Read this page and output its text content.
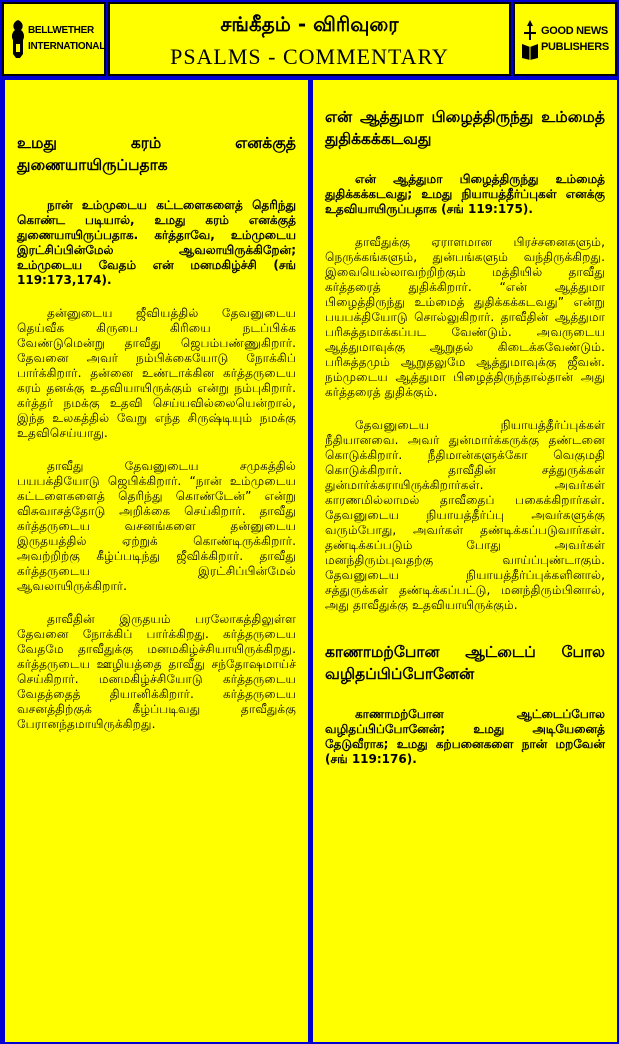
BELLWETHER
INTERNATIONAL
சங்கீதம் - விரிவுரை
PSALMS - COMMENTARY
GOOD NEWS
PUBLISHERS
உமது கரம் எனக்குத் துணையாயிருப்பதாக
நான் உம்முடைய கட்டளைகளைத் தெரிந்து கொண்ட படியால், உமது கரம் எனக்குத் துணையாயிருப்பதாக. கர்த்தாவே, உம்முடைய இரட்சிப்பின்மேல் ஆவலாயிருக்கிறேன்; உம்முடைய வேதம் என் மனமகிழ்ச்சி (சங் 119:173,174).
தன்னுடைய ஜீவியத்தில் தேவனுடைய தெய்வீக கிருபை கிரியை நடப்பிக்க வேண்டுமென்று தாவீது ஜெபம்பண்ணுகிறார். தேவனை அவர் நம்பிக்கையோடு நோக்கிப் பார்க்கிறார். தன்னை உண்டாக்கின கர்த்தருடைய கரம் தனக்கு உதவியாயிருக்கும் என்று நம்புகிறார். கர்த்தர் நமக்கு உதவி செய்யவில்லையென்றால், இந்த உலகத்தில் வேறு எந்த சிருஷ்டியும் நமக்கு உதவிசெய்யாது.
தாவீது தேவனுடைய சமுகத்தில் பயபக்தியோடு ஜெபிக்கிறார். “நான் உம்முடைய கட்டளைகளைத் தெரிந்து கொண்டேன்” என்று விசுவாசத்தோடு அறிக்கை செய்கிறார். தாவீது கர்த்தருடைய வசனங்களை தன்னுடைய இருதயத்தில் ஏற்றுக் கொண்டிருக்கிறார். அவற்றிற்கு கீழ்ப்படிந்து ஜீவிக்கிறார். தாவீது கர்த்தருடைய இரட்சிப்பின்மேல் ஆவலாயிருக்கிறார்.
தாவீதின் இருதயம் பரலோகத்திலுள்ள தேவனை நோக்கிப் பார்க்கிறது. கர்த்தருடைய வேதமே தாவீதுக்கு மனமகிழ்ச்சியாயிருக்கிறது. கர்த்தருடைய ஊழியத்தை தாவீது சந்தோஷமாய்ச் செய்கிறார். மனமகிழ்ச்சியோடு கர்த்தருடைய வேதத்தைத் தியானிக்கிறார். கர்த்தருடைய வசனத்திற்குக் கீழ்ப்படிவது தாவீதுக்கு பேரானந்தமாயிருக்கிறது.
என் ஆத்துமா பிழைத்திருந்து உம்மைத் துதிக்கக்கடவது
என் ஆத்துமா பிழைத்திருந்து உம்மைத் துதிக்கக்கடவது; உமது நியாயத்தீர்ப்புகள் எனக்கு உதவியாயிருப்பதாக (சங் 119:175).
தாவீதுக்கு ஏராளமான பிரச்சனைகளும், நெருக்கங்களும், துன்பங்களும் வந்திருக்கிறது. இவையெல்லாவற்றிற்கும் மத்தியில் தாவீது கர்த்தரைத் துதிக்கிறார். “என் ஆத்துமா பிழைத்திருந்து உம்மைத் துதிக்கக்கடவது” என்று பயபக்தியோடு சொல்லுகிறார். தாவீதின் ஆத்துமா பரிசுத்தமாக்கப்பட வேண்டும். அவருடைய ஆத்துமாவுக்கு ஆறுதல் கிடைக்கவேண்டும். பரிசுத்தமும் ஆறுதலுமே ஆத்துமாவுக்கு ஜீவன். நம்முடைய ஆத்துமா பிழைத்திருந்தால்தான் அது கர்த்தரைத் துதிக்கும்.
தேவனுடைய நியாயத்தீர்ப்புக்கள் நீதியானவை. அவர் துன்மார்க்கருக்கு தண்டனை கொடுக்கிறார். நீதிமான்களுக்கோ வெகுமதி கொடுக்கிறார். தாவீதின் சத்துருக்கள் துன்மார்க்கராயிருக்கிறார்கள். அவர்கள் காரணமில்லாமல் தாவீதைப் பகைக்கிறார்கள். தேவனுடைய நியாயத்தீர்ப்பு அவர்களுக்கு வரும்போது, அவர்கள் தண்டிக்கப்படுவார்கள். தண்டிக்கப்படும் போது அவர்கள் மனந்திரும்புவதற்கு வாய்ப்புண்டாகும். தேவனுடைய நியாயத்தீர்ப்புக்களினால், சத்துருக்கள் தண்டிக்கப்பட்டு, மனந்திரும்பினால், அது தாவீதுக்கு உதவியாயிருக்கும்.
காணாமற்போன ஆட்டைப் போல வழிதப்பிப்போனேன்
காணாமற்போன ஆட்டைப்போல வழிதப்பிப்போனேன்; உமது அடியேனைத் தேடுவீராக; உமது கற்பனைகளை நான் மறவேன் (சங் 119:176).
